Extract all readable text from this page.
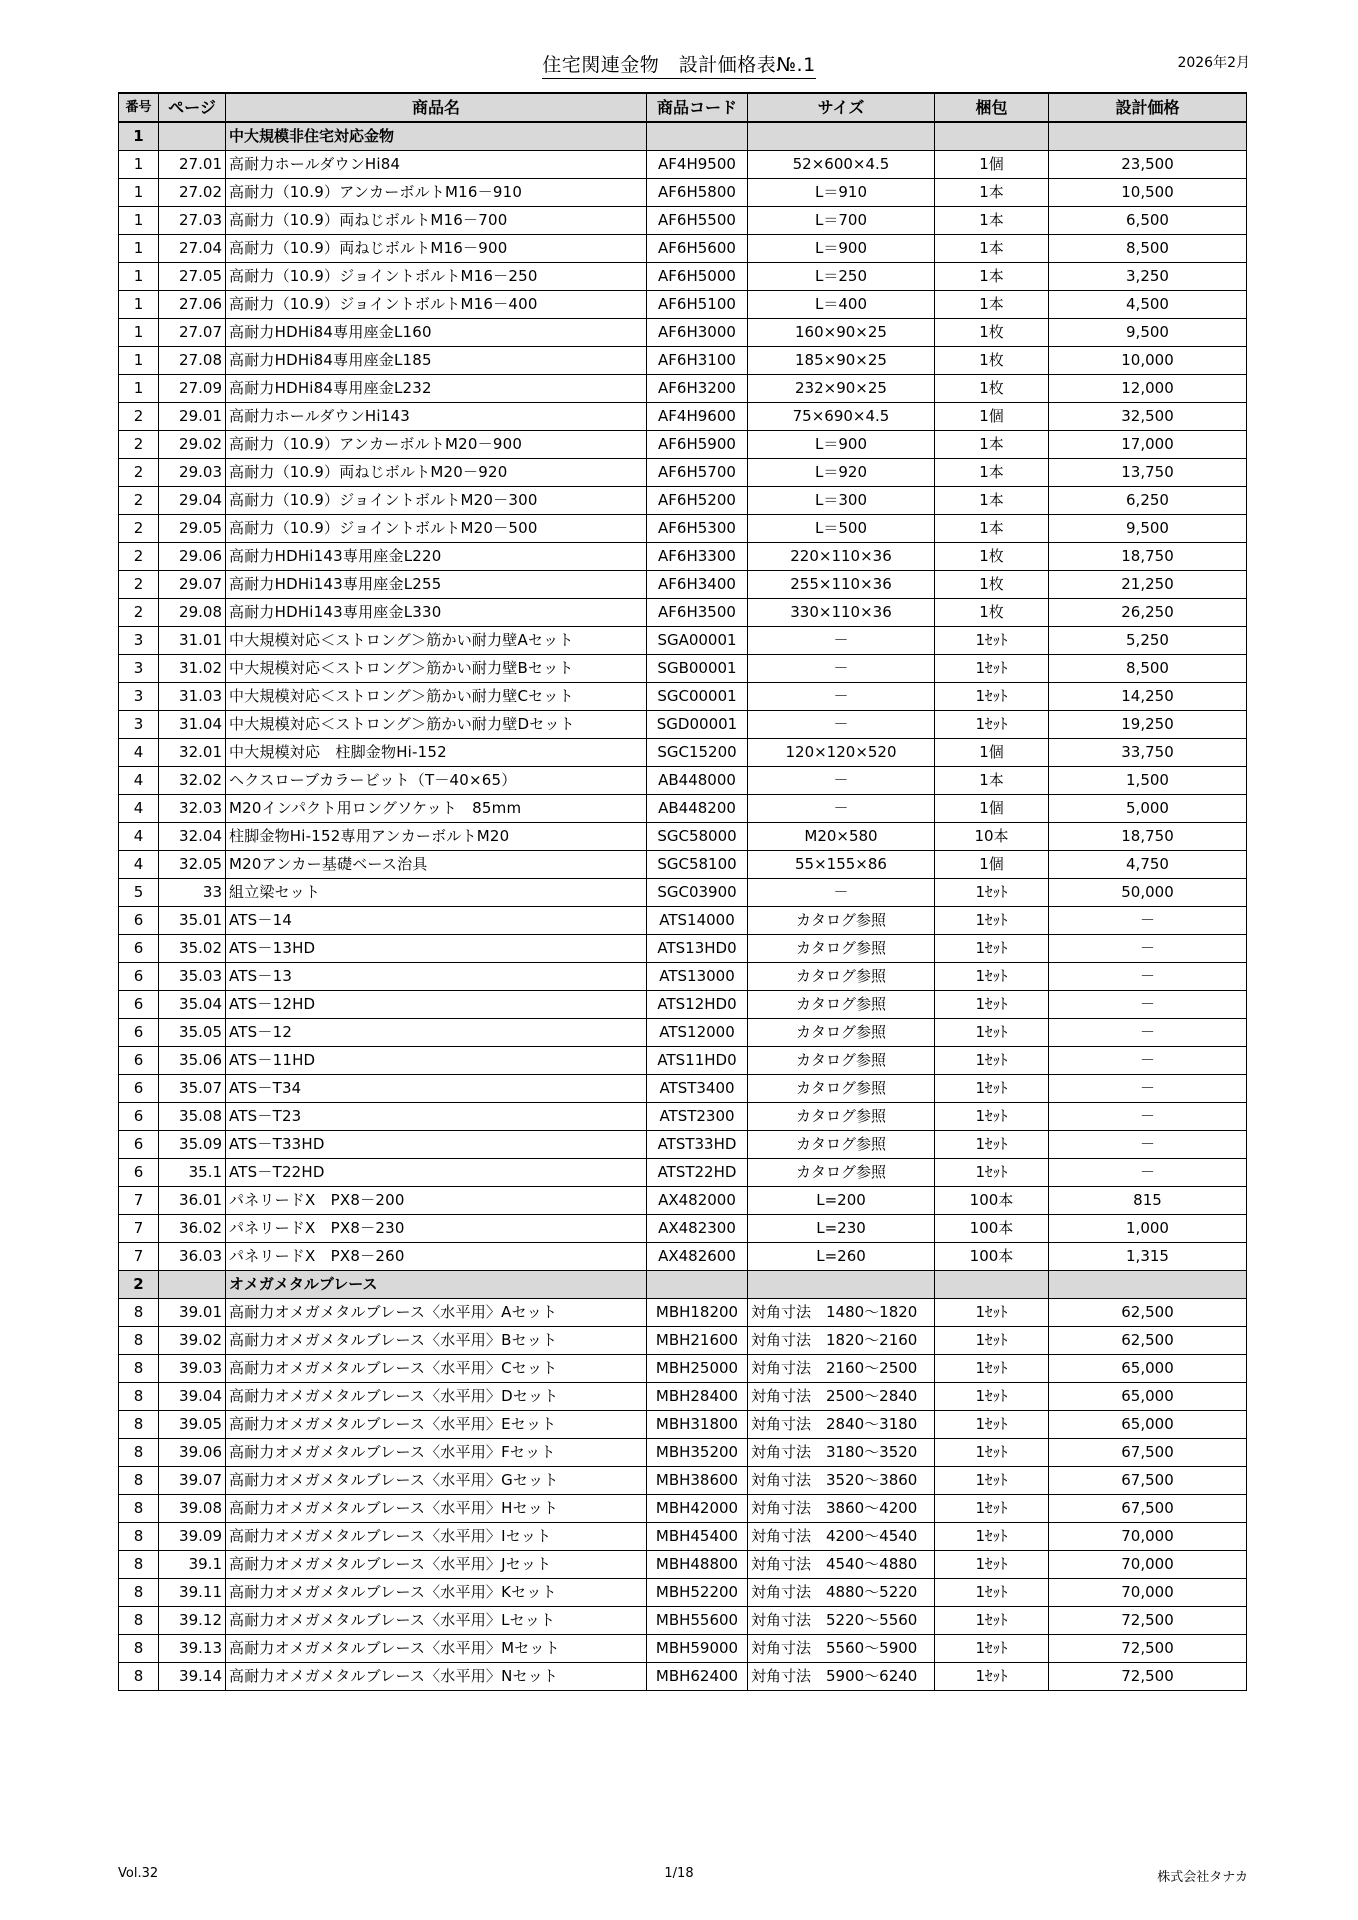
住宅関連金物　設計価格表№.1	2026年2月
番号	ページ	商品名	商品コード	サイズ	梱包	設計価格
1		中大規模非住宅対応金物				
1	27.01	高耐力ホールダウンHi84	AF4H9500	52×600×4.5	1個	23,500
1	27.02	高耐力（10.9）アンカーボルトM16－910	AF6H5800	L＝910	1本	10,500
1	27.03	高耐力（10.9）両ねじボルトM16－700	AF6H5500	L＝700	1本	6,500
1	27.04	高耐力（10.9）両ねじボルトM16－900	AF6H5600	L＝900	1本	8,500
1	27.05	高耐力（10.9）ジョイントボルトM16－250	AF6H5000	L＝250	1本	3,250
1	27.06	高耐力（10.9）ジョイントボルトM16－400	AF6H5100	L＝400	1本	4,500
1	27.07	高耐力HDHi84専用座金L160	AF6H3000	160×90×25	1枚	9,500
1	27.08	高耐力HDHi84専用座金L185	AF6H3100	185×90×25	1枚	10,000
1	27.09	高耐力HDHi84専用座金L232	AF6H3200	232×90×25	1枚	12,000
2	29.01	高耐力ホールダウンHi143	AF4H9600	75×690×4.5	1個	32,500
2	29.02	高耐力（10.9）アンカーボルトM20－900	AF6H5900	L＝900	1本	17,000
2	29.03	高耐力（10.9）両ねじボルトM20－920	AF6H5700	L＝920	1本	13,750
2	29.04	高耐力（10.9）ジョイントボルトM20－300	AF6H5200	L＝300	1本	6,250
2	29.05	高耐力（10.9）ジョイントボルトM20－500	AF6H5300	L＝500	1本	9,500
2	29.06	高耐力HDHi143専用座金L220	AF6H3300	220×110×36	1枚	18,750
2	29.07	高耐力HDHi143専用座金L255	AF6H3400	255×110×36	1枚	21,250
2	29.08	高耐力HDHi143専用座金L330	AF6H3500	330×110×36	1枚	26,250
3	31.01	中大規模対応＜ストロング＞筋かい耐力壁Aセット	SGA00001	－	1ｾｯﾄ	5,250
3	31.02	中大規模対応＜ストロング＞筋かい耐力壁Bセット	SGB00001	－	1ｾｯﾄ	8,500
3	31.03	中大規模対応＜ストロング＞筋かい耐力壁Cセット	SGC00001	－	1ｾｯﾄ	14,250
3	31.04	中大規模対応＜ストロング＞筋かい耐力壁Dセット	SGD00001	－	1ｾｯﾄ	19,250
4	32.01	中大規模対応　柱脚金物Hi-152	SGC15200	120×120×520	1個	33,750
4	32.02	ヘクスローブカラービット（T－40×65）	AB448000	－	1本	1,500
4	32.03	M20インパクト用ロングソケット　85mm	AB448200	－	1個	5,000
4	32.04	柱脚金物Hi-152専用アンカーボルトM20	SGC58000	M20×580	10本	18,750
4	32.05	M20アンカー基礎ベース治具	SGC58100	55×155×86	1個	4,750
5	33	組立梁セット	SGC03900	－	1ｾｯﾄ	50,000
6	35.01	ATS－14	ATS14000	カタログ参照	1ｾｯﾄ	－
6	35.02	ATS－13HD	ATS13HD0	カタログ参照	1ｾｯﾄ	－
6	35.03	ATS－13	ATS13000	カタログ参照	1ｾｯﾄ	－
6	35.04	ATS－12HD	ATS12HD0	カタログ参照	1ｾｯﾄ	－
6	35.05	ATS－12	ATS12000	カタログ参照	1ｾｯﾄ	－
6	35.06	ATS－11HD	ATS11HD0	カタログ参照	1ｾｯﾄ	－
6	35.07	ATS－T34	ATST3400	カタログ参照	1ｾｯﾄ	－
6	35.08	ATS－T23	ATST2300	カタログ参照	1ｾｯﾄ	－
6	35.09	ATS－T33HD	ATST33HD	カタログ参照	1ｾｯﾄ	－
6	35.1	ATS－T22HD	ATST22HD	カタログ参照	1ｾｯﾄ	－
7	36.01	パネリードX　PX8－200	AX482000	L=200	100本	815
7	36.02	パネリードX　PX8－230	AX482300	L=230	100本	1,000
7	36.03	パネリードX　PX8－260	AX482600	L=260	100本	1,315
2		オメガメタルブレース				
8	39.01	高耐力オメガメタルブレース〈水平用〉Aセット	MBH18200	対角寸法　1480～1820	1ｾｯﾄ	62,500
8	39.02	高耐力オメガメタルブレース〈水平用〉Bセット	MBH21600	対角寸法　1820～2160	1ｾｯﾄ	62,500
8	39.03	高耐力オメガメタルブレース〈水平用〉Cセット	MBH25000	対角寸法　2160～2500	1ｾｯﾄ	65,000
8	39.04	高耐力オメガメタルブレース〈水平用〉Dセット	MBH28400	対角寸法　2500～2840	1ｾｯﾄ	65,000
8	39.05	高耐力オメガメタルブレース〈水平用〉Eセット	MBH31800	対角寸法　2840～3180	1ｾｯﾄ	65,000
8	39.06	高耐力オメガメタルブレース〈水平用〉Fセット	MBH35200	対角寸法　3180～3520	1ｾｯﾄ	67,500
8	39.07	高耐力オメガメタルブレース〈水平用〉Gセット	MBH38600	対角寸法　3520～3860	1ｾｯﾄ	67,500
8	39.08	高耐力オメガメタルブレース〈水平用〉Hセット	MBH42000	対角寸法　3860～4200	1ｾｯﾄ	67,500
8	39.09	高耐力オメガメタルブレース〈水平用〉Iセット	MBH45400	対角寸法　4200～4540	1ｾｯﾄ	70,000
8	39.1	高耐力オメガメタルブレース〈水平用〉Jセット	MBH48800	対角寸法　4540～4880	1ｾｯﾄ	70,000
8	39.11	高耐力オメガメタルブレース〈水平用〉Kセット	MBH52200	対角寸法　4880～5220	1ｾｯﾄ	70,000
8	39.12	高耐力オメガメタルブレース〈水平用〉Lセット	MBH55600	対角寸法　5220～5560	1ｾｯﾄ	72,500
8	39.13	高耐力オメガメタルブレース〈水平用〉Mセット	MBH59000	対角寸法　5560～5900	1ｾｯﾄ	72,500
8	39.14	高耐力オメガメタルブレース〈水平用〉Nセット	MBH62400	対角寸法　5900～6240	1ｾｯﾄ	72,500
Vol.32	1/18	株式会社タナカ
